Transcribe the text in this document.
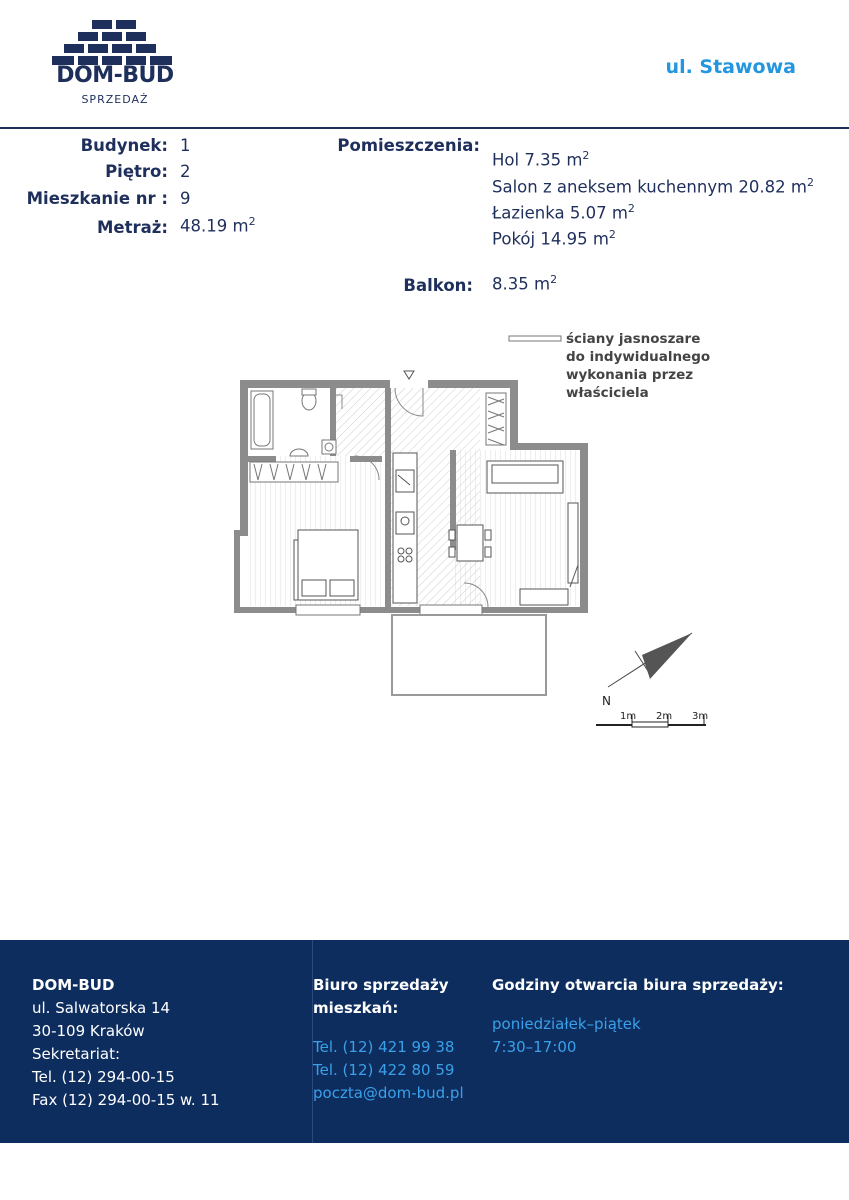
DOM-BUD
SPRZEDAŻ
ul. Stawowa
Budynek: 1
Piętro: 2
Mieszkanie nr : 9
Metraż: 48.19 $m^2$
Pomieszczenia:
Hol 7.35 $m^2$
Salon z aneksem kuchennym 20.82 $m^2$
Łazienka 5.07 $m^2$
Pokój 14.95 $m^2$
Balkon: 8.35 $m^2$
ściany jasnoszare
do indywidualnego
wykonania przez
właściciela
N
1m 2m 3m
DOM-BUD
ul. Salwatorska 14
30-109 Kraków
Sekretariat:
Tel. (12) 294-00-15
Fax (12) 294-00-15 w. 11
Biuro sprzedaży
mieszkań:
Tel. (12) 421 99 38
Tel. (12) 422 80 59
poczta@dom-bud.pl
Godziny otwarcia biura sprzedaży:
poniedziałek–piątek
7:30–17:00
